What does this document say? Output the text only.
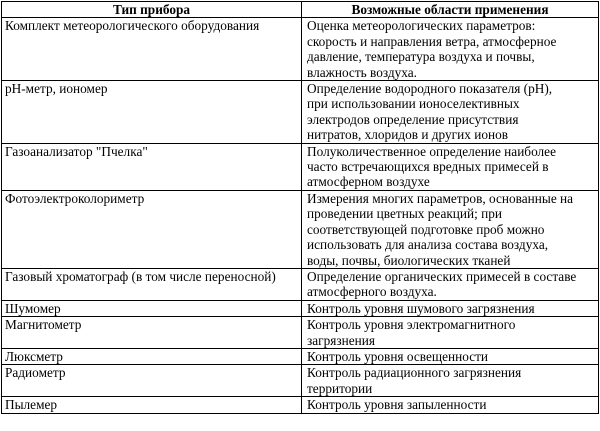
Тип прибора	Возможные области применения
Комплект метеорологического оборудования	Оценка метеорологических параметров:
скорость и направления ветра, атмосферное
давление, температура воздуха и почвы,
влажность воздуха.

pH-метр, иономер	Определение водородного показателя (pH),
при использовании ионоселективных
электродов определение присутствия
нитратов, хлоридов и других ионов

Газоанализатор "Пчелка"	Полуколичественное определение наиболее
часто встречающихся вредных примесей в
атмосферном воздухе

Фотоэлектроколориметр	Измерения многих параметров, основанные на
проведении цветных реакций; при
соответствующей подготовке проб можно
использовать для анализа состава воздуха,
воды, почвы, биологических тканей

Газовый хроматограф (в том числе переносной)	Определение органических примесей в составе
атмосферного воздуха.

Шумомер	Контроль уровня шумового загрязнения

Магнитометр	Контроль уровня электромагнитного
загрязнения

Люксметр	Контроль уровня освещенности

Радиометр	Контроль радиационного загрязнения
территории

Пылемер	Контроль уровня запыленности
